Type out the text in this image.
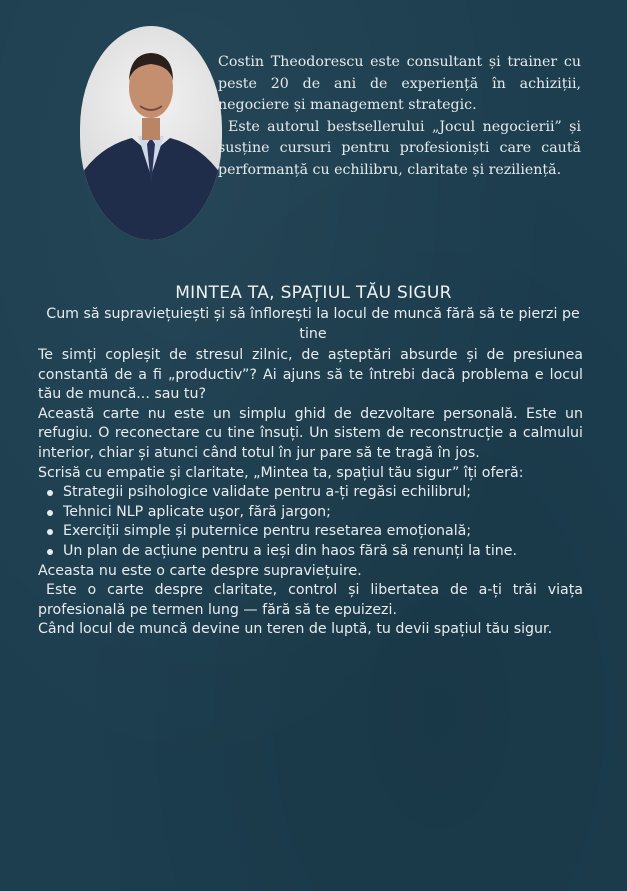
Costin Theodorescu este consultant și trainer cu peste 20 de ani de experiență în achiziții, negociere și management strategic.

Este autorul bestsellerului „Jocul negocierii” și susține cursuri pentru profesioniști care caută performanță cu echilibru, claritate și reziliență.

MINTEA TA, SPAȚIUL TĂU SIGUR
Cum să supraviețuiești și să înflorești la locul de muncă fără să te pierzi pe tine

Te simți copleșit de stresul zilnic, de așteptări absurde și de presiunea constantă de a fi „productiv”? Ai ajuns să te întrebi dacă problema e locul tău de muncă... sau tu?

Această carte nu este un simplu ghid de dezvoltare personală. Este un refugiu. O reconectare cu tine însuți. Un sistem de reconstrucție a calmului interior, chiar și atunci când totul în jur pare să te tragă în jos.

Scrisă cu empatie și claritate, „Mintea ta, spațiul tău sigur” îți oferă:

Strategii psihologice validate pentru a-ți regăsi echilibrul;
Tehnici NLP aplicate ușor, fără jargon;
Exerciții simple și puternice pentru resetarea emoțională;
Un plan de acțiune pentru a ieși din haos fără să renunți la tine.

Aceasta nu este o carte despre supraviețuire.

Este o carte despre claritate, control și libertatea de a-ți trăi viața profesională pe termen lung — fără să te epuizezi.

Când locul de muncă devine un teren de luptă, tu devii spațiul tău sigur.
